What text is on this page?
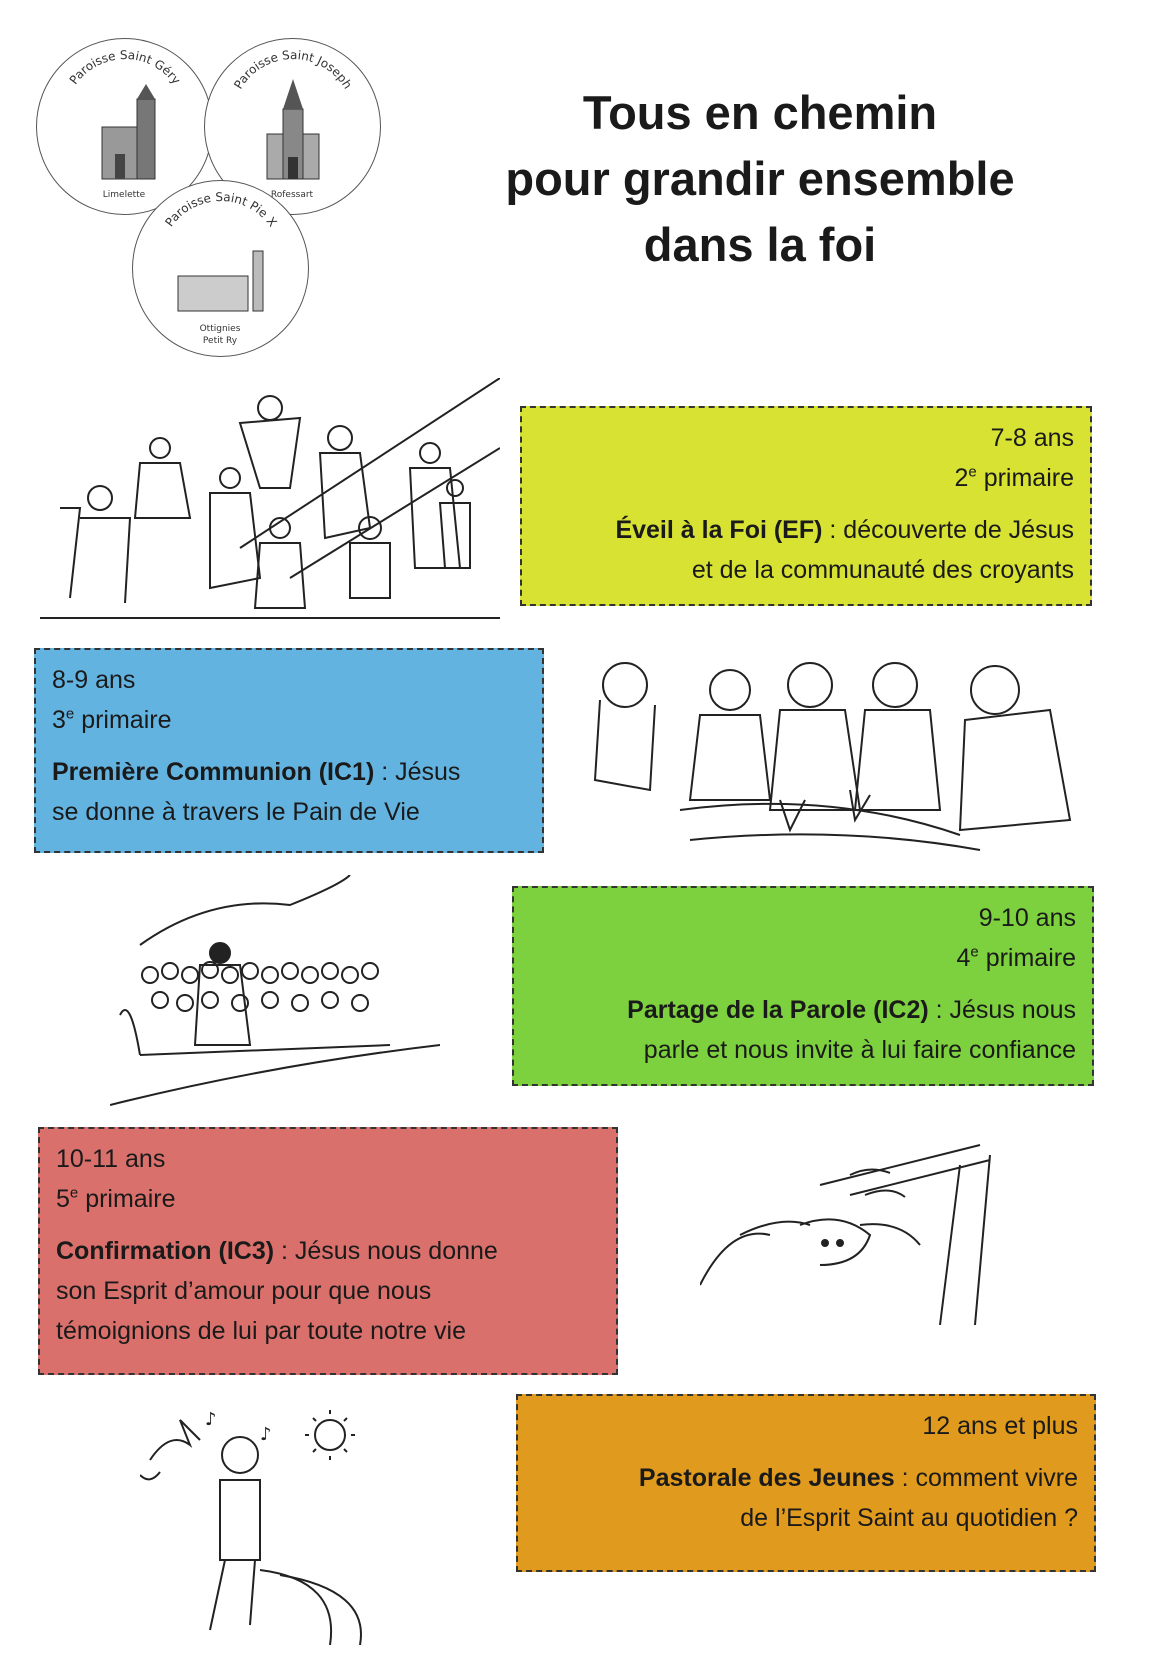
Paroisse Saint Géry
Limelette
Paroisse Saint Joseph
Rofessart
Paroisse Saint Pie X
Ottignies
Petit Ry
Tous en chemin
pour grandir ensemble
dans la foi
7-8 ans
2e primaire
Éveil à la Foi (EF) : découverte de Jésus
et de la communauté des croyants
8-9 ans
3e primaire
Première Communion (IC1) : Jésus
se donne à travers le Pain de Vie
9-10 ans
4e primaire
Partage de la Parole (IC2) : Jésus nous
parle et nous invite à lui faire confiance
10-11 ans
5e primaire
Confirmation (IC3) : Jésus nous donne
son Esprit d’amour pour que nous
témoignions de lui par toute notre vie
♪
♪	12 ans et plus
Pastorale des Jeunes : comment vivre
de l’Esprit Saint au quotidien ?
